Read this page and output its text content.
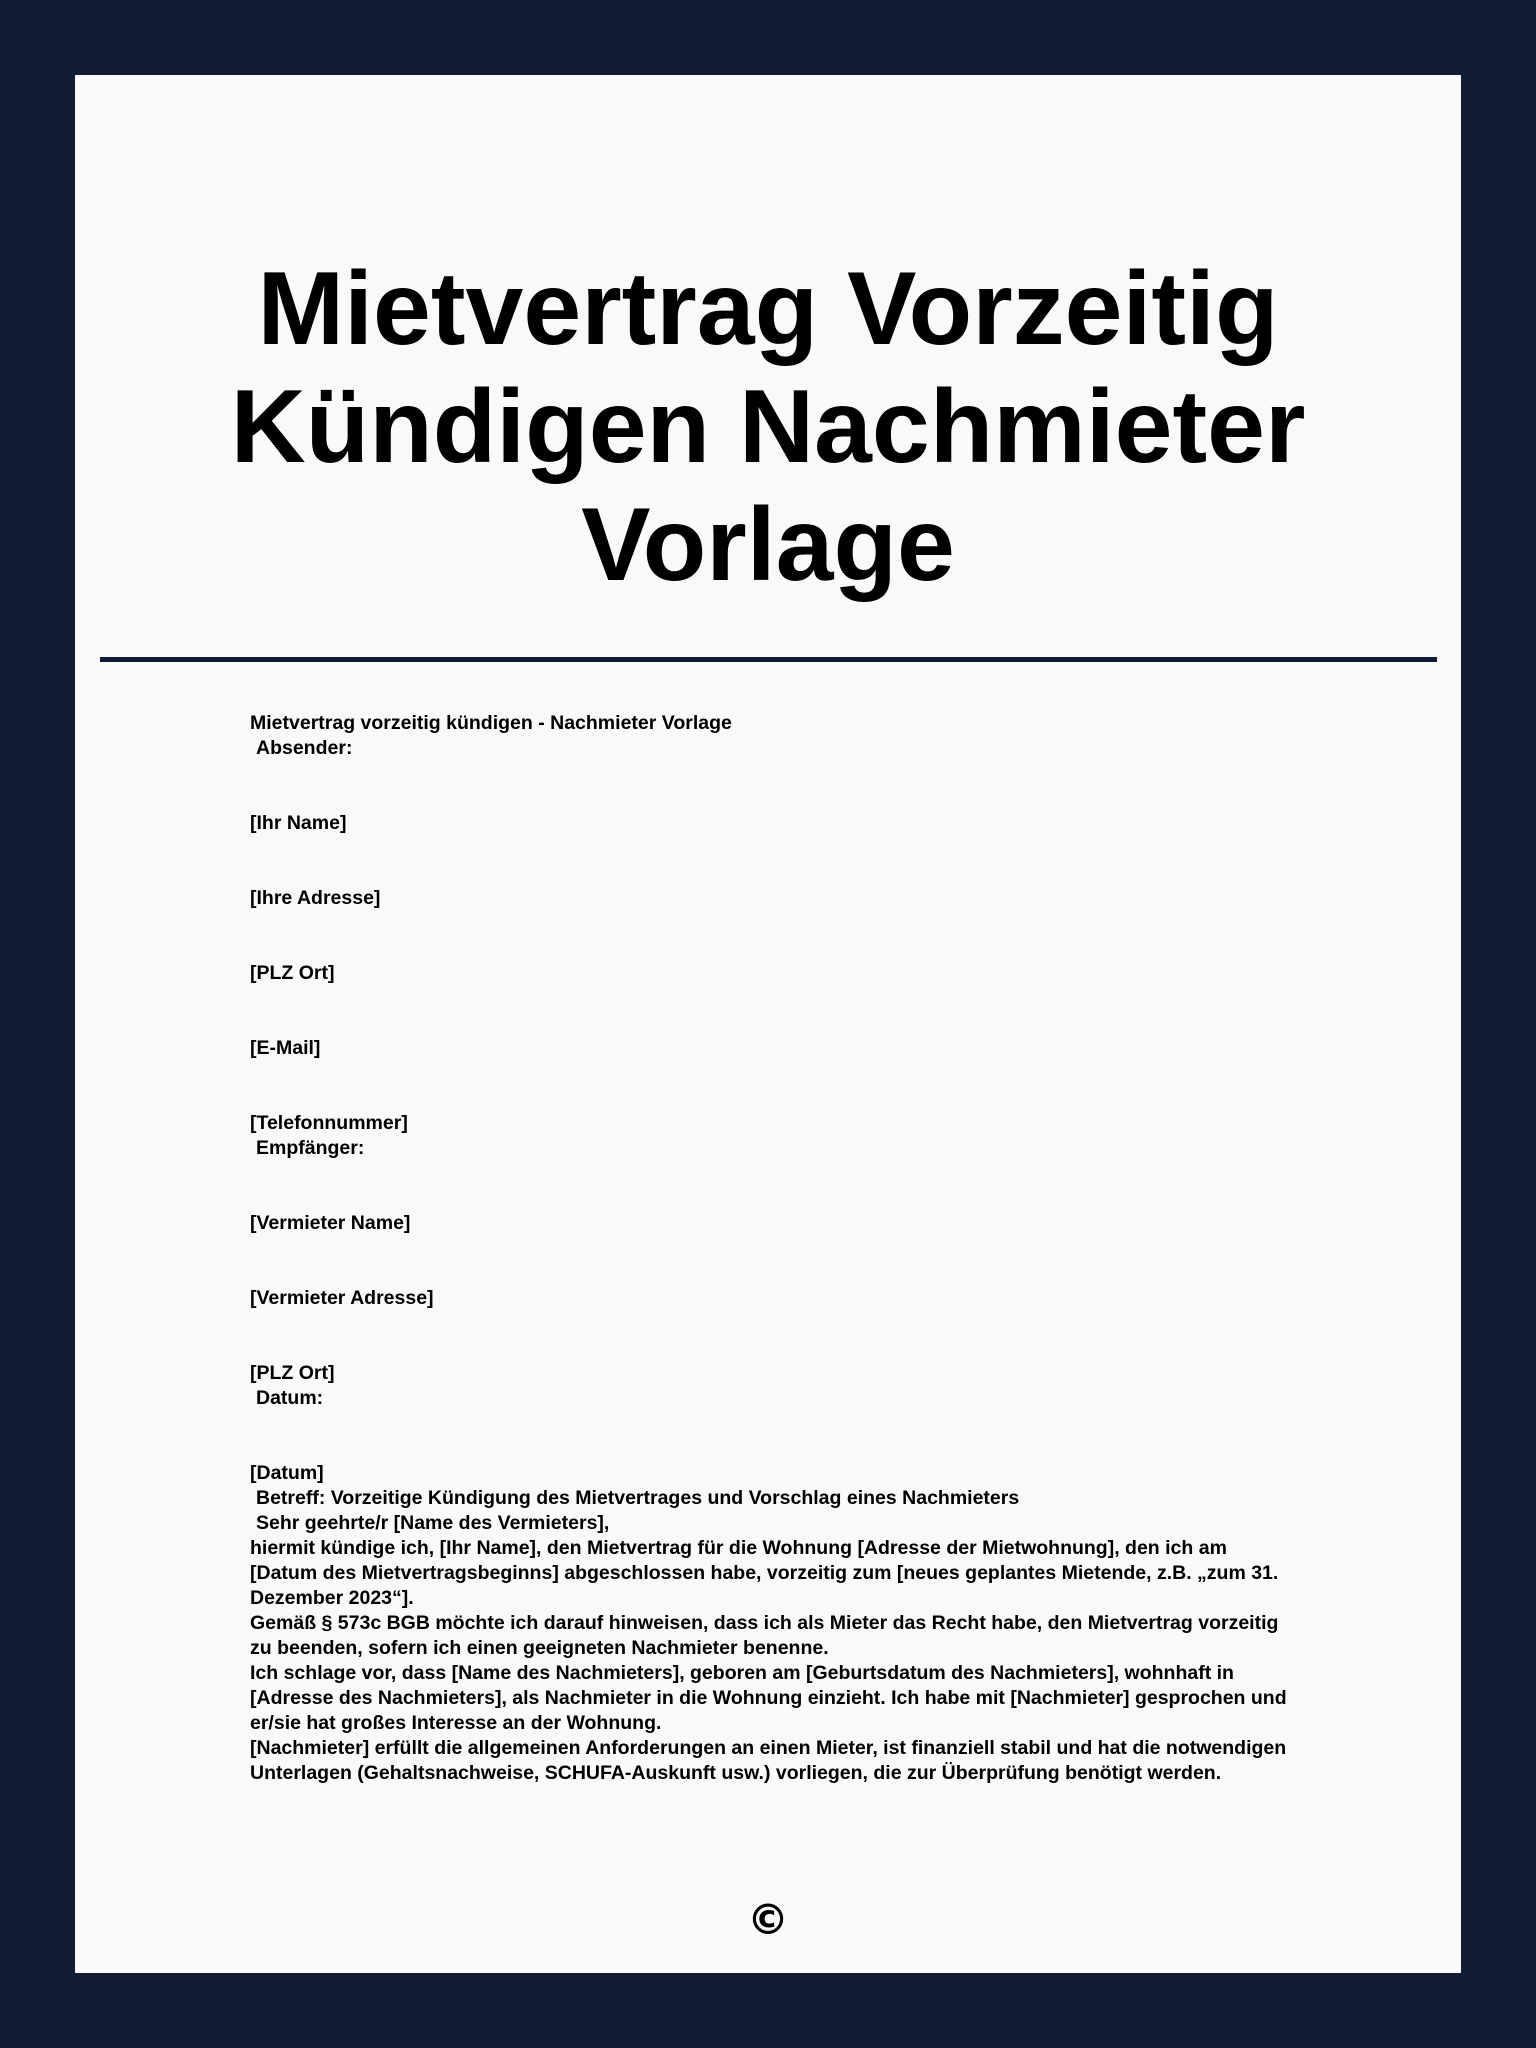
Mietvertrag Vorzeitig Kündigen Nachmieter Vorlage
Mietvertrag vorzeitig kündigen - Nachmieter Vorlage
Absender:
[Ihr Name]
[Ihre Adresse]
[PLZ Ort]
[E-Mail]
[Telefonnummer]
Empfänger:
[Vermieter Name]
[Vermieter Adresse]
[PLZ Ort]
Datum:
[Datum]
Betreff: Vorzeitige Kündigung des Mietvertrages und Vorschlag eines Nachmieters
Sehr geehrte/r [Name des Vermieters],
hiermit kündige ich, [Ihr Name], den Mietvertrag für die Wohnung [Adresse der Mietwohnung], den ich am [Datum des Mietvertragsbeginns] abgeschlossen habe, vorzeitig zum [neues geplantes Mietende, z.B. „zum 31. Dezember 2023“].
Gemäß § 573c BGB möchte ich darauf hinweisen, dass ich als Mieter das Recht habe, den Mietvertrag vorzeitig zu beenden, sofern ich einen geeigneten Nachmieter benenne.
Ich schlage vor, dass [Name des Nachmieters], geboren am [Geburtsdatum des Nachmieters], wohnhaft in [Adresse des Nachmieters], als Nachmieter in die Wohnung einzieht. Ich habe mit [Nachmieter] gesprochen und er/sie hat großes Interesse an der Wohnung.
[Nachmieter] erfüllt die allgemeinen Anforderungen an einen Mieter, ist finanziell stabil und hat die notwendigen Unterlagen (Gehaltsnachweise, SCHUFA-Auskunft usw.) vorliegen, die zur Überprüfung benötigt werden.
©
